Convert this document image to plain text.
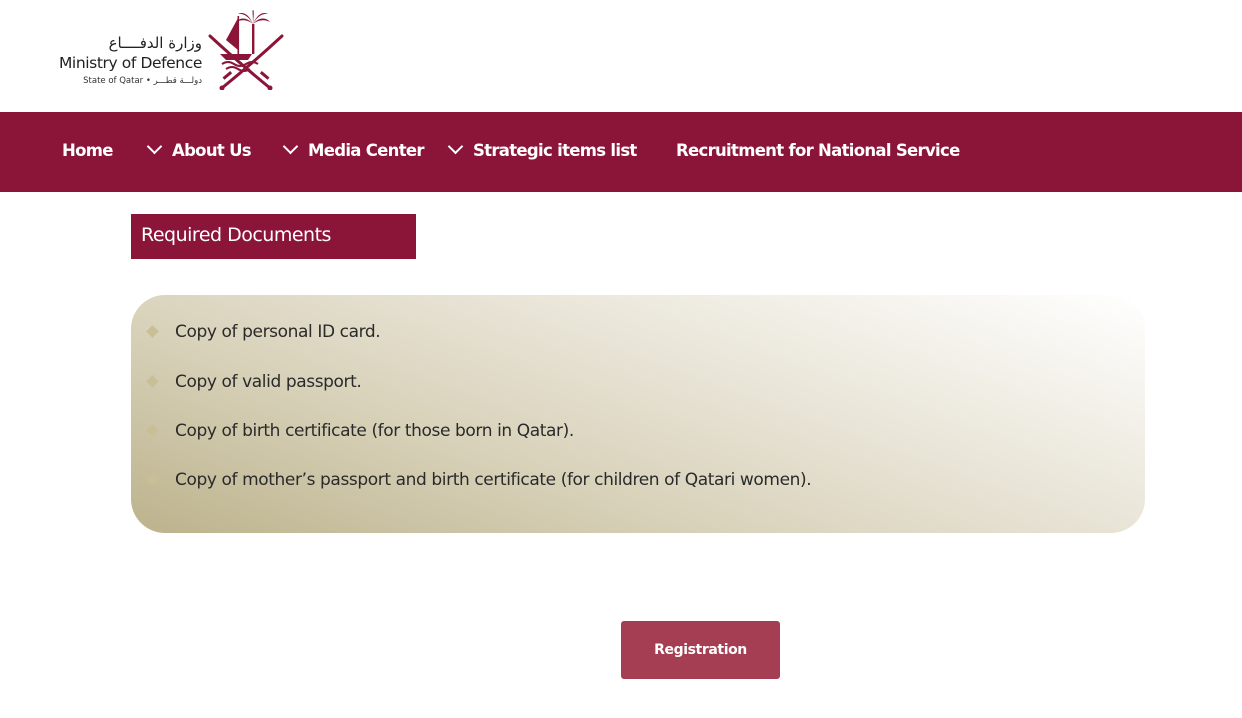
وزارة الدفــــاع
Ministry of Defence
State of Qatar • دولـــة قطـــر
Home	About Us	Media Center	Strategic items list Recruitment for National Service
Required Documents
Copy of personal ID card.
Copy of valid passport.
Copy of birth certificate (for those born in Qatar).
Copy of mother’s passport and birth certificate (for children of Qatari women).
Registration
